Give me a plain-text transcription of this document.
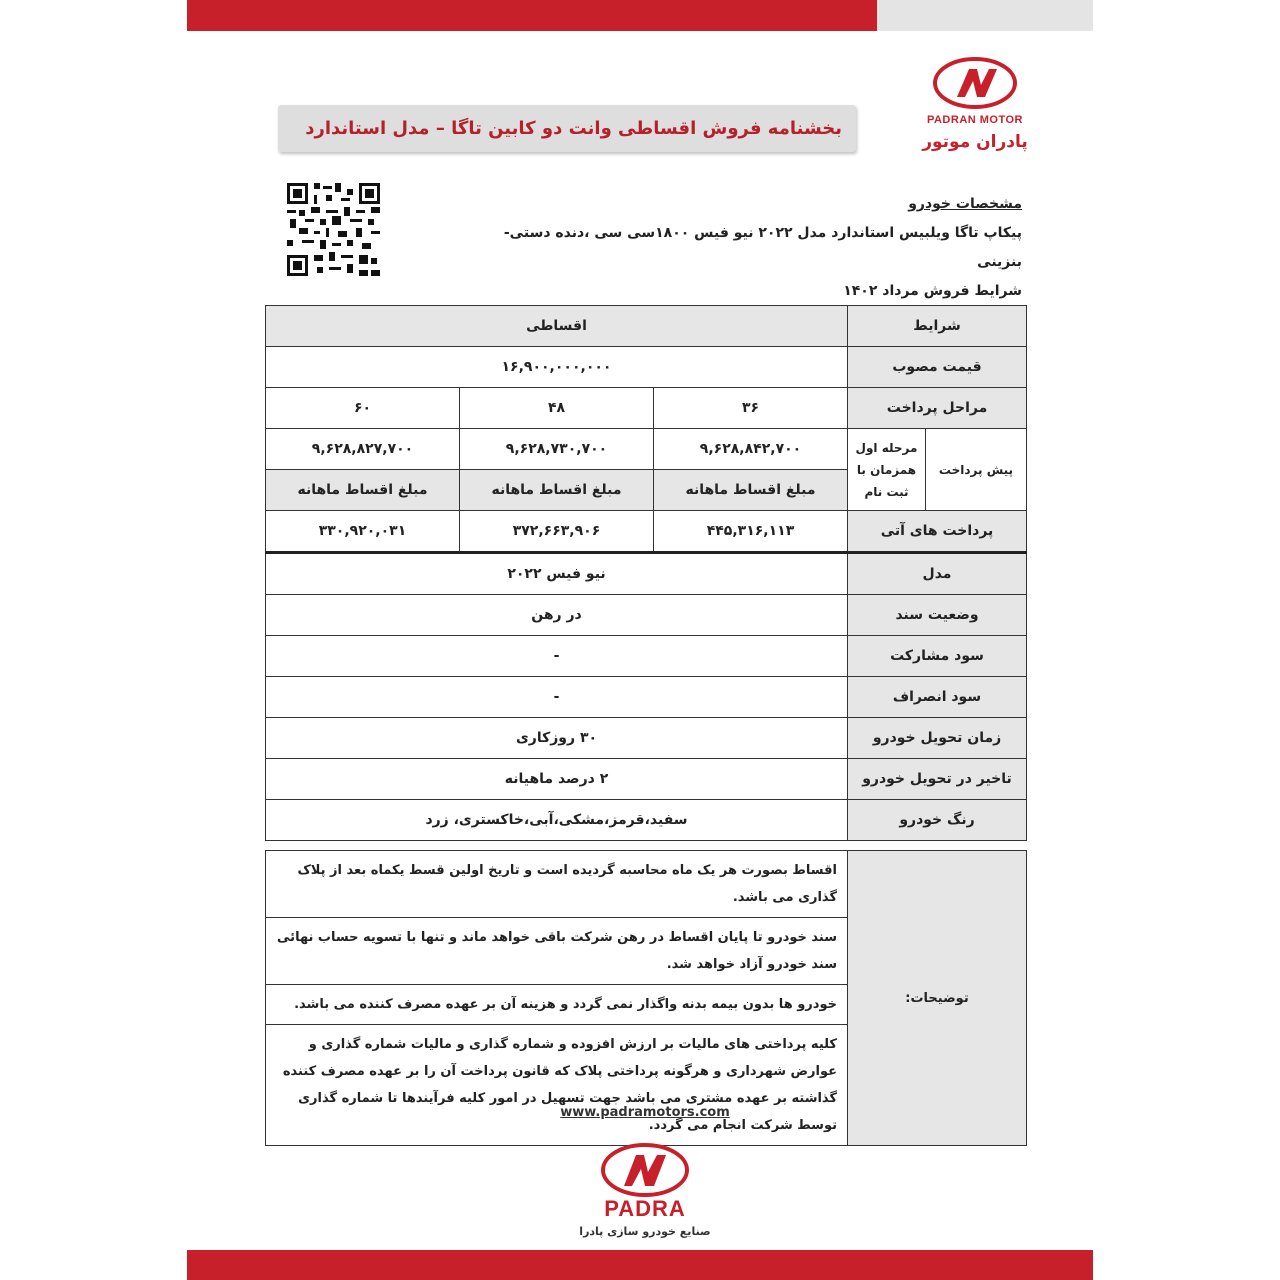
PADRAN MOTOR
پادران موتور
بخشنامه فروش اقساطی وانت دو کابین تاگا – مدل استاندارد
مشخصات خودرو
پیکاپ تاگا ویلبیس استاندارد مدل ۲۰۲۲ نیو فیس ۱۸۰۰سی سی ،دنده دستی-بنزینی
شرایط فروش مرداد ۱۴۰۲
شرایط		اقساطی		
قیمت مصوب		۱۶,۹۰۰,۰۰۰,۰۰۰		
مراحل پرداخت		۳۶	۴۸	۶۰
پیش پرداخت	مرحله اول همزمان با ثبت نام	۹,۶۲۸,۸۴۲,۷۰۰	۹,۶۲۸,۷۳۰,۷۰۰	۹,۶۲۸,۸۲۷,۷۰۰
		مبلغ اقساط ماهانه	مبلغ اقساط ماهانه	مبلغ اقساط ماهانه
پرداخت های آتی		۴۴۵,۳۱۶,۱۱۳	۳۷۲,۶۶۳,۹۰۶	۳۳۰,۹۲۰,۰۳۱
مدل		نیو فیس ۲۰۲۲		
وضعیت سند		در رهن		
سود مشارکت		-		
سود انصراف		-		
زمان تحویل خودرو		۳۰ روزکاری		
تاخیر در تحویل خودرو		۲ درصد ماهیانه		
رنگ خودرو		سفید،قرمز،مشکی،آبی،خاکستری، زرد		
توضیحات:	اقساط بصورت هر یک ماه محاسبه گردیده است و تاریخ اولین قسط یکماه بعد از پلاک گذاری می باشد.
سند خودرو تا پایان اقساط در رهن شرکت باقی خواهد ماند و تنها با تسویه حساب نهائی سند خودرو آزاد خواهد شد.
خودرو ها بدون بیمه بدنه واگذار نمی گردد و هزینه آن بر عهده مصرف کننده می باشد.
کلیه پرداختی های مالیات بر ارزش افزوده و شماره گذاری و مالیات شماره گذاری و عوارض شهرداری و هرگونه پرداختی پلاک که قانون پرداخت آن را بر عهده مصرف کننده گذاشته بر عهده مشتری می باشد جهت تسهیل در امور کلیه فرآیندها تا شماره گذاری توسط شرکت انجام می گردد.
www.padramotors.com
PADRA
صنایع خودرو سازی پادرا
